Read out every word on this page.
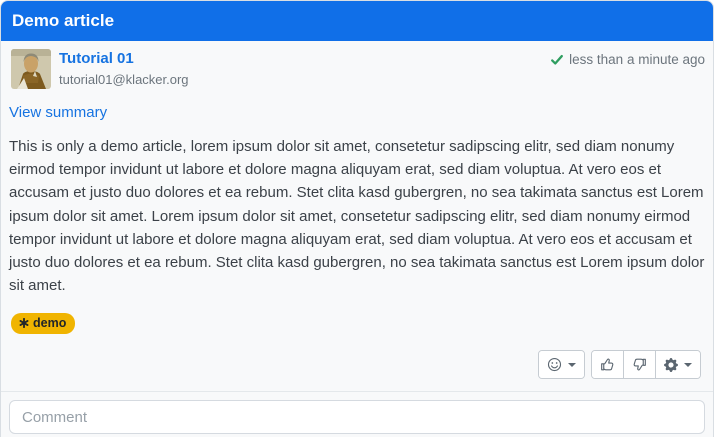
Demo article
Tutorial 01
tutorial01@klacker.org
less than a minute ago
View summary
This is only a demo article, lorem ipsum dolor sit amet, consetetur sadipscing elitr, sed diam nonumy eirmod tempor invidunt ut labore et dolore magna aliquyam erat, sed diam voluptua. At vero eos et accusam et justo duo dolores et ea rebum. Stet clita kasd gubergren, no sea takimata sanctus est Lorem ipsum dolor sit amet. Lorem ipsum dolor sit amet, consetetur sadipscing elitr, sed diam nonumy eirmod tempor invidunt ut labore et dolore magna aliquyam erat, sed diam voluptua. At vero eos et accusam et justo duo dolores et ea rebum. Stet clita kasd gubergren, no sea takimata sanctus est Lorem ipsum dolor sit amet.
demo
Comment
